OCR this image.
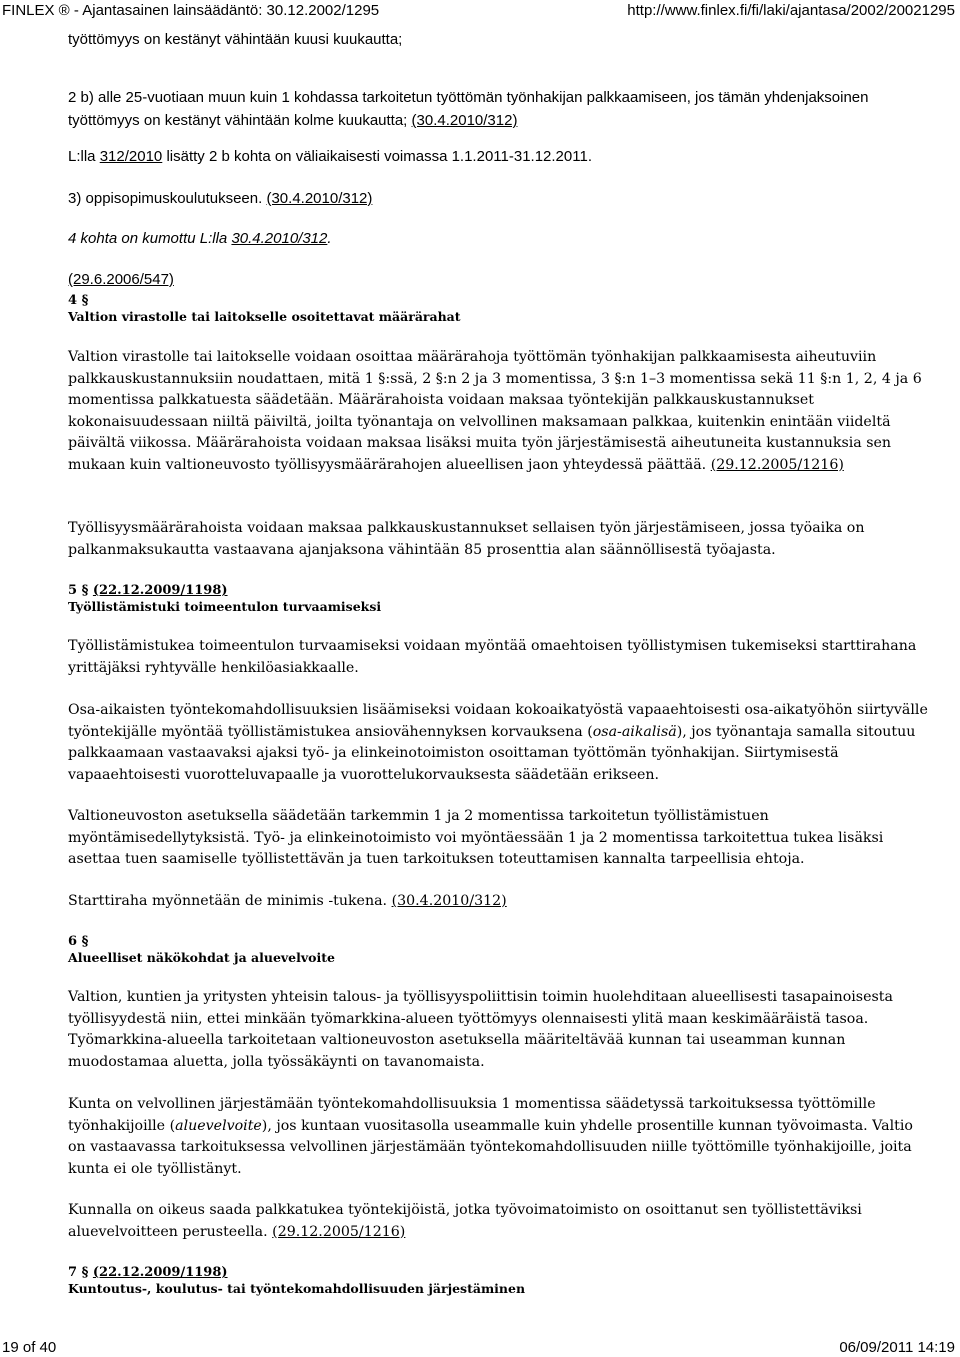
FINLEX ® - Ajantasainen lainsäädäntö: 30.12.2002/1295	http://www.finlex.fi/fi/laki/ajantasa/2002/20021295
työttömyys on kestänyt vähintään kuusi kuukautta;
2 b) alle 25-vuotiaan muun kuin 1 kohdassa tarkoitetun työttömän työnhakijan palkkaamiseen, jos tämän yhdenjaksoinen työttömyys on kestänyt vähintään kolme kuukautta; (30.4.2010/312)
L:lla 312/2010 lisätty 2 b kohta on väliaikaisesti voimassa 1.1.2011-31.12.2011.
3) oppisopimuskoulutukseen. (30.4.2010/312)
4 kohta on kumottu L:lla 30.4.2010/312.
(29.6.2006/547)
4 §
Valtion virastolle tai laitokselle osoitettavat määrärahat
Valtion virastolle tai laitokselle voidaan osoittaa määrärahoja työttömän työnhakijan palkkaamisesta aiheutuviin palkkauskustannuksiin noudattaen, mitä 1 §:ssä, 2 §:n 2 ja 3 momentissa, 3 §:n 1–3 momentissa sekä 11 §:n 1, 2, 4 ja 6 momentissa palkkatuesta säädetään. Määrärahoista voidaan maksaa työntekijän palkkauskustannukset kokonaisuudessaan niiltä päiviltä, joilta työnantaja on velvollinen maksamaan palkkaa, kuitenkin enintään viideltä päivältä viikossa. Määrärahoista voidaan maksaa lisäksi muita työn järjestämisestä aiheutuneita kustannuksia sen mukaan kuin valtioneuvosto työllisyysmäärärahojen alueellisen jaon yhteydessä päättää. (29.12.2005/1216)
Työllisyysmäärärahoista voidaan maksaa palkkauskustannukset sellaisen työn järjestämiseen, jossa työaika on palkanmaksukautta vastaavana ajanjaksona vähintään 85 prosenttia alan säännöllisestä työajasta.
5 § (22.12.2009/1198)
Työllistämistuki toimeentulon turvaamiseksi
Työllistämistukea toimeentulon turvaamiseksi voidaan myöntää omaehtoisen työllistymisen tukemiseksi starttirahana yrittäjäksi ryhtyvälle henkilöasiakkaalle.
Osa-aikaisten työntekomahdollisuuksien lisäämiseksi voidaan kokoaikatyöstä vapaaehtoisesti osa-aikatyöhön siirtyvälle työntekijälle myöntää työllistämistukea ansiovähennyksen korvauksena (osa-aikalisä), jos työnantaja samalla sitoutuu palkkaamaan vastaavaksi ajaksi työ- ja elinkeinotoimiston osoittaman työttömän työnhakijan. Siirtymisestä vapaaehtoisesti vuorotteluvapaalle ja vuorottelukorvauksesta säädetään erikseen.
Valtioneuvoston asetuksella säädetään tarkemmin 1 ja 2 momentissa tarkoitetun työllistämistuen myöntämisedellytyksistä. Työ- ja elinkeinotoimisto voi myöntäessään 1 ja 2 momentissa tarkoitettua tukea lisäksi asettaa tuen saamiselle työllistettävän ja tuen tarkoituksen toteuttamisen kannalta tarpeellisia ehtoja.
Starttiraha myönnetään de minimis -tukena. (30.4.2010/312)
6 §
Alueelliset näkökohdat ja aluevelvoite
Valtion, kuntien ja yritysten yhteisin talous- ja työllisyyspoliittisin toimin huolehditaan alueellisesti tasapainoisesta työllisyydestä niin, ettei minkään työmarkkina-alueen työttömyys olennaisesti ylitä maan keskimääräistä tasoa. Työmarkkina-alueella tarkoitetaan valtioneuvoston asetuksella määriteltävää kunnan tai useamman kunnan muodostamaa aluetta, jolla työssäkäynti on tavanomaista.
Kunta on velvollinen järjestämään työntekomahdollisuuksia 1 momentissa säädetyssä tarkoituksessa työttömille työnhakijoille (aluevelvoite), jos kuntaan vuositasolla useammalle kuin yhdelle prosentille kunnan työvoimasta. Valtio on vastaavassa tarkoituksessa velvollinen järjestämään työntekomahdollisuuden niille työttömille työnhakijoille, joita kunta ei ole työllistänyt.
Kunnalla on oikeus saada palkkatukea työntekijöistä, jotka työvoimatoimisto on osoittanut sen työllistettäviksi aluevelvoitteen perusteella. (29.12.2005/1216)
7 § (22.12.2009/1198)
Kuntoutus-, koulutus- tai työntekomahdollisuuden järjestäminen
19 of 40	06/09/2011 14:19
